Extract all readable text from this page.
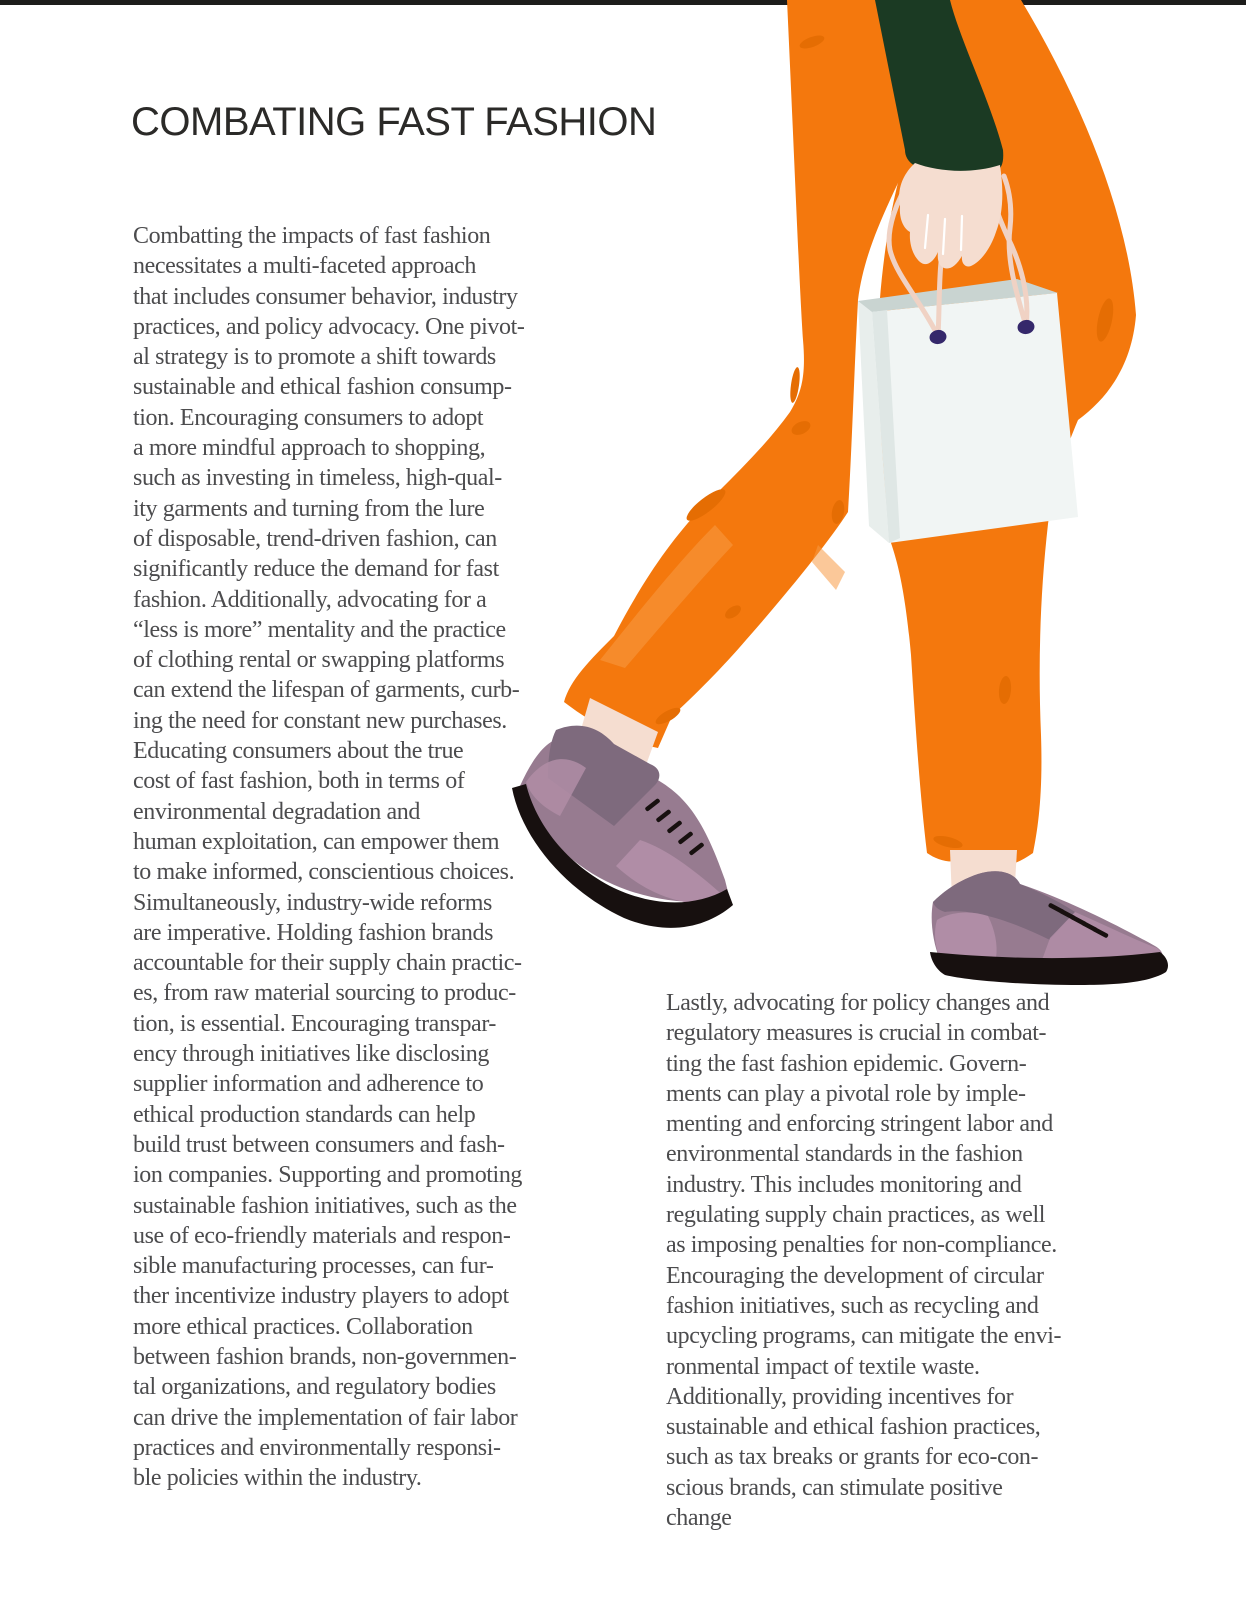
COMBATING FAST FASHION
Combatting the impacts of fast fashion
necessitates a multi-faceted approach
that includes consumer behavior, industry
practices, and policy advocacy. One pivot-
al strategy is to promote a shift towards
sustainable and ethical fashion consump-
tion. Encouraging consumers to adopt
a more mindful approach to shopping,
such as investing in timeless, high-qual-
ity garments and turning from the lure
of disposable, trend-driven fashion, can
significantly reduce the demand for fast
fashion. Additionally, advocating for a
“less is more” mentality and the practice
of clothing rental or swapping platforms
can extend the lifespan of garments, curb-
ing the need for constant new purchases.
Educating consumers about the true
cost of fast fashion, both in terms of
environmental degradation and
human exploitation, can empower them
to make informed, conscientious choices.
Simultaneously, industry-wide reforms
are imperative. Holding fashion brands
accountable for their supply chain practic-
es, from raw material sourcing to produc-
tion, is essential. Encouraging transpar-
ency through initiatives like disclosing
supplier information and adherence to
ethical production standards can help
build trust between consumers and fash-
ion companies. Supporting and promoting
sustainable fashion initiatives, such as the
use of eco-friendly materials and respon-
sible manufacturing processes, can fur-
ther incentivize industry players to adopt
more ethical practices. Collaboration
between fashion brands, non-governmen-
tal organizations, and regulatory bodies
can drive the implementation of fair labor
practices and environmentally responsi-
ble policies within the industry.
Lastly, advocating for policy changes and
regulatory measures is crucial in combat-
ting the fast fashion epidemic. Govern-
ments can play a pivotal role by imple-
menting and enforcing stringent labor and
environmental standards in the fashion
industry. This includes monitoring and
regulating supply chain practices, as well
as imposing penalties for non-compliance.
Encouraging the development of circular
fashion initiatives, such as recycling and
upcycling programs, can mitigate the envi-
ronmental impact of textile waste.
Additionally, providing incentives for
sustainable and ethical fashion practices,
such as tax breaks or grants for eco-con-
scious brands, can stimulate positive
change
